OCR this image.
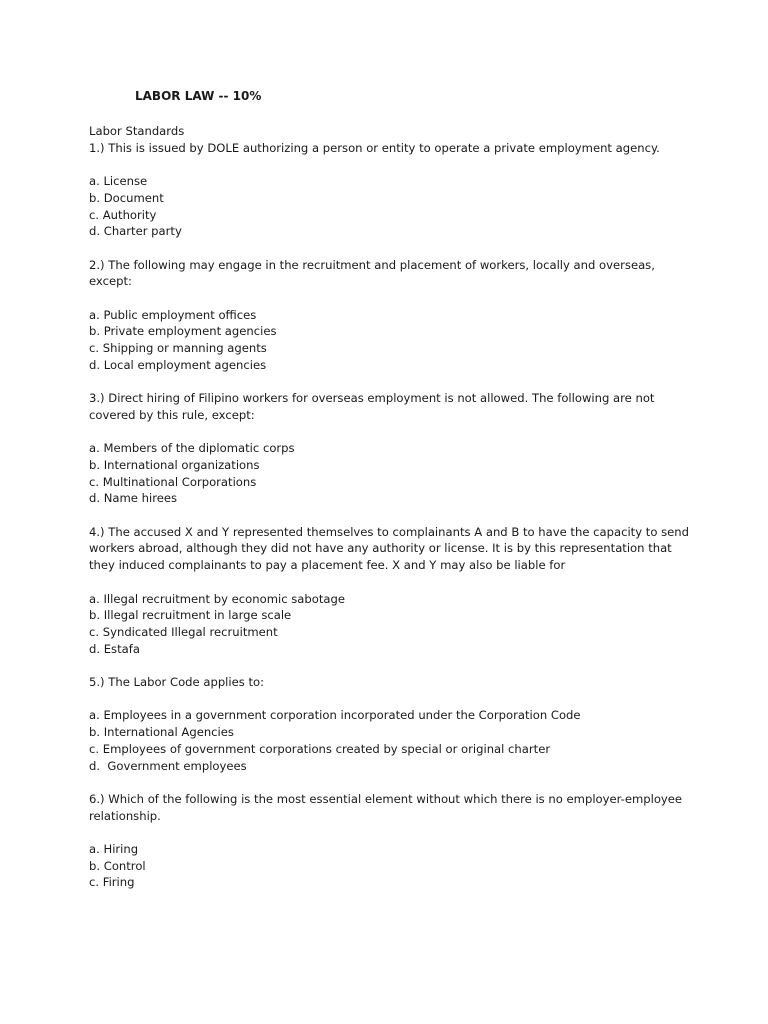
LABOR LAW -- 10%

Labor Standards

1.) This is issued by DOLE authorizing a person or entity to operate a private employment agency.

a. License
b. Document
c. Authority
d. Charter party

2.) The following may engage in the recruitment and placement of workers, locally and overseas, except:

a. Public employment offices
b. Private employment agencies
c. Shipping or manning agents
d. Local employment agencies

3.) Direct hiring of Filipino workers for overseas employment is not allowed. The following are not covered by this rule, except:

a. Members of the diplomatic corps
b. International organizations
c. Multinational Corporations
d. Name hirees

4.) The accused X and Y represented themselves to complainants A and B to have the capacity to send workers abroad, although they did not have any authority or license. It is by this representation that they induced complainants to pay a placement fee. X and Y may also be liable for

a. Illegal recruitment by economic sabotage
b. Illegal recruitment in large scale
c. Syndicated Illegal recruitment
d. Estafa

5.) The Labor Code applies to:

a. Employees in a government corporation incorporated under the Corporation Code
b. International Agencies
c. Employees of government corporations created by special or original charter
d.  Government employees

6.) Which of the following is the most essential element without which there is no employer-employee relationship.

a. Hiring
b. Control
c. Firing
